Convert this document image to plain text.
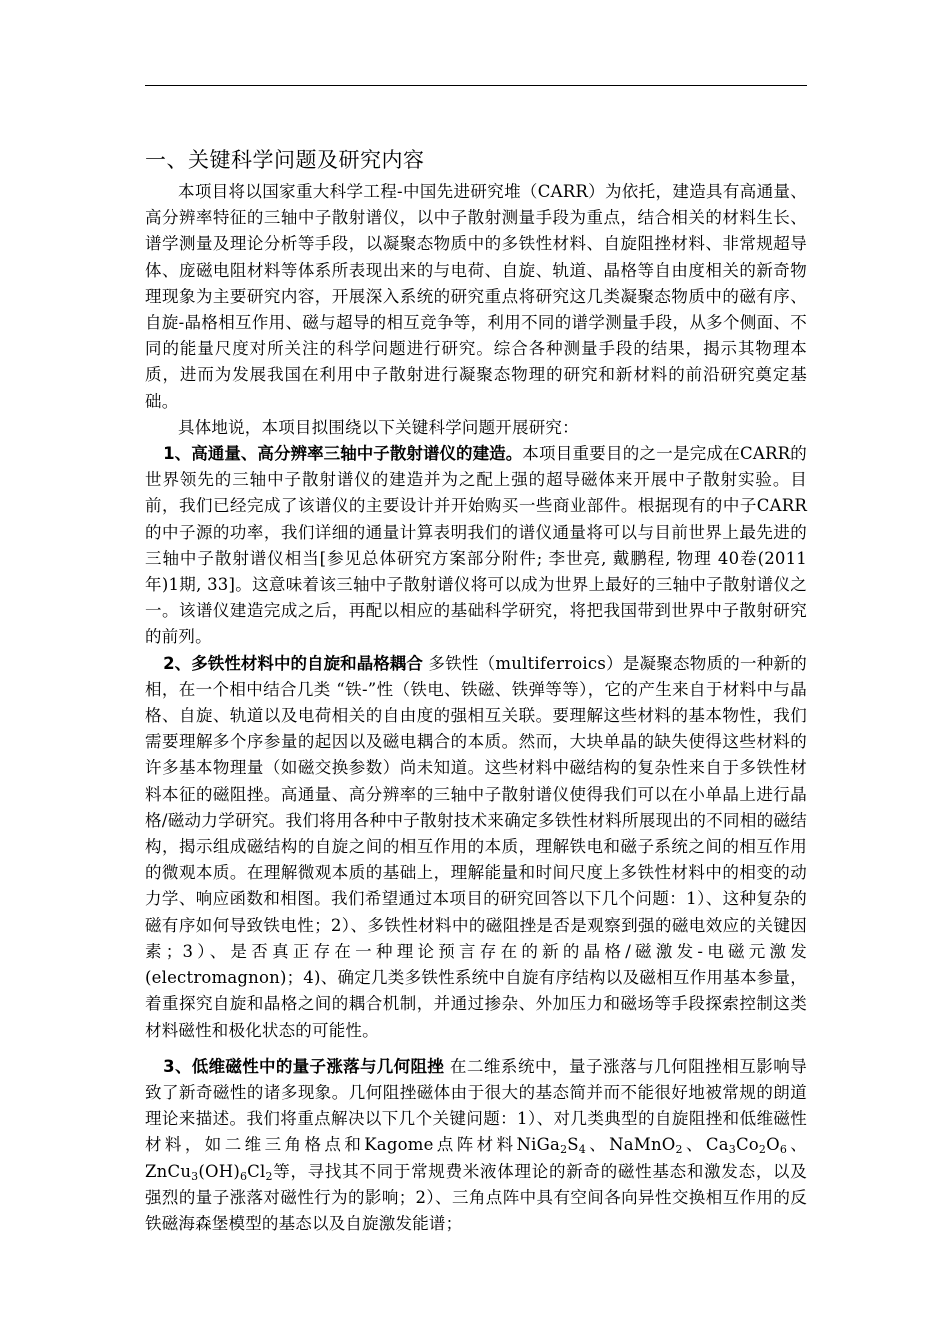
一、关键科学问题及研究内容

本项目将以国家重大科学工程-中国先进研究堆（CARR）为依托，建造具有高通量、高分辨率特征的三轴中子散射谱仪，以中子散射测量手段为重点，结合相关的材料生长、谱学测量及理论分析等手段，以凝聚态物质中的多铁性材料、自旋阻挫材料、非常规超导体、庞磁电阻材料等体系所表现出来的与电荷、自旋、轨道、晶格等自由度相关的新奇物理现象为主要研究内容，开展深入系统的研究重点将研究这几类凝聚态物质中的磁有序、自旋-晶格相互作用、磁与超导的相互竞争等，利用不同的谱学测量手段，从多个侧面、不同的能量尺度对所关注的科学问题进行研究。综合各种测量手段的结果，揭示其物理本质，进而为发展我国在利用中子散射进行凝聚态物理的研究和新材料的前沿研究奠定基础。

具体地说，本项目拟围绕以下关键科学问题开展研究：

1、高通量、高分辨率三轴中子散射谱仪的建造。本项目重要目的之一是完成在CARR的世界领先的三轴中子散射谱仪的建造并为之配上强的超导磁体来开展中子散射实验。目前，我们已经完成了该谱仪的主要设计并开始购买一些商业部件。根据现有的中子CARR的中子源的功率，我们详细的通量计算表明我们的谱仪通量将可以与目前世界上最先进的三轴中子散射谱仪相当[参见总体研究方案部分附件; 李世亮, 戴鹏程, 物理 40卷(2011年)1期, 33]。这意味着该三轴中子散射谱仪将可以成为世界上最好的三轴中子散射谱仪之一。该谱仪建造完成之后，再配以相应的基础科学研究，将把我国带到世界中子散射研究的前列。

2、多铁性材料中的自旋和晶格耦合 多铁性（multiferroics）是凝聚态物质的一种新的相，在一个相中结合几类 “铁-”性（铁电、铁磁、铁弹等等），它的产生来自于材料中与晶格、自旋、轨道以及电荷相关的自由度的强相互关联。要理解这些材料的基本物性，我们需要理解多个序参量的起因以及磁电耦合的本质。然而，大块单晶的缺失使得这些材料的许多基本物理量（如磁交换参数）尚未知道。这些材料中磁结构的复杂性来自于多铁性材料本征的磁阻挫。高通量、高分辨率的三轴中子散射谱仪使得我们可以在小单晶上进行晶格/磁动力学研究。我们将用各种中子散射技术来确定多铁性材料所展现出的不同相的磁结构，揭示组成磁结构的自旋之间的相互作用的本质，理解铁电和磁子系统之间的相互作用的微观本质。在理解微观本质的基础上，理解能量和时间尺度上多铁性材料中的相变的动力学、响应函数和相图。我们希望通过本项目的研究回答以下几个问题：1）、这种复杂的磁有序如何导致铁电性；2）、多铁性材料中的磁阻挫是否是观察到强的磁电效应的关键因素；3）、是否真正存在一种理论预言存在的新的晶格/磁激发-电磁元激发(electromagnon)；4)、确定几类多铁性系统中自旋有序结构以及磁相互作用基本参量，着重探究自旋和晶格之间的耦合机制，并通过掺杂、外加压力和磁场等手段探索控制这类材料磁性和极化状态的可能性。

3、低维磁性中的量子涨落与几何阻挫 在二维系统中，量子涨落与几何阻挫相互影响导致了新奇磁性的诸多现象。几何阻挫磁体由于很大的基态简并而不能很好地被常规的朗道理论来描述。我们将重点解决以下几个关键问题：1）、对几类典型的自旋阻挫和低维磁性材料，如二维三角格点和Kagome点阵材料$NiGa_2S_4$、NaMnO$_2$、$Ca_3Co_2O_6$、$ZnCu_3(OH)_6Cl_2$等，寻找其不同于常规费米液体理论的新奇的磁性基态和激发态，以及强烈的量子涨落对磁性行为的影响；2）、三角点阵中具有空间各向异性交换相互作用的反铁磁海森堡模型的基态以及自旋激发能谱；
